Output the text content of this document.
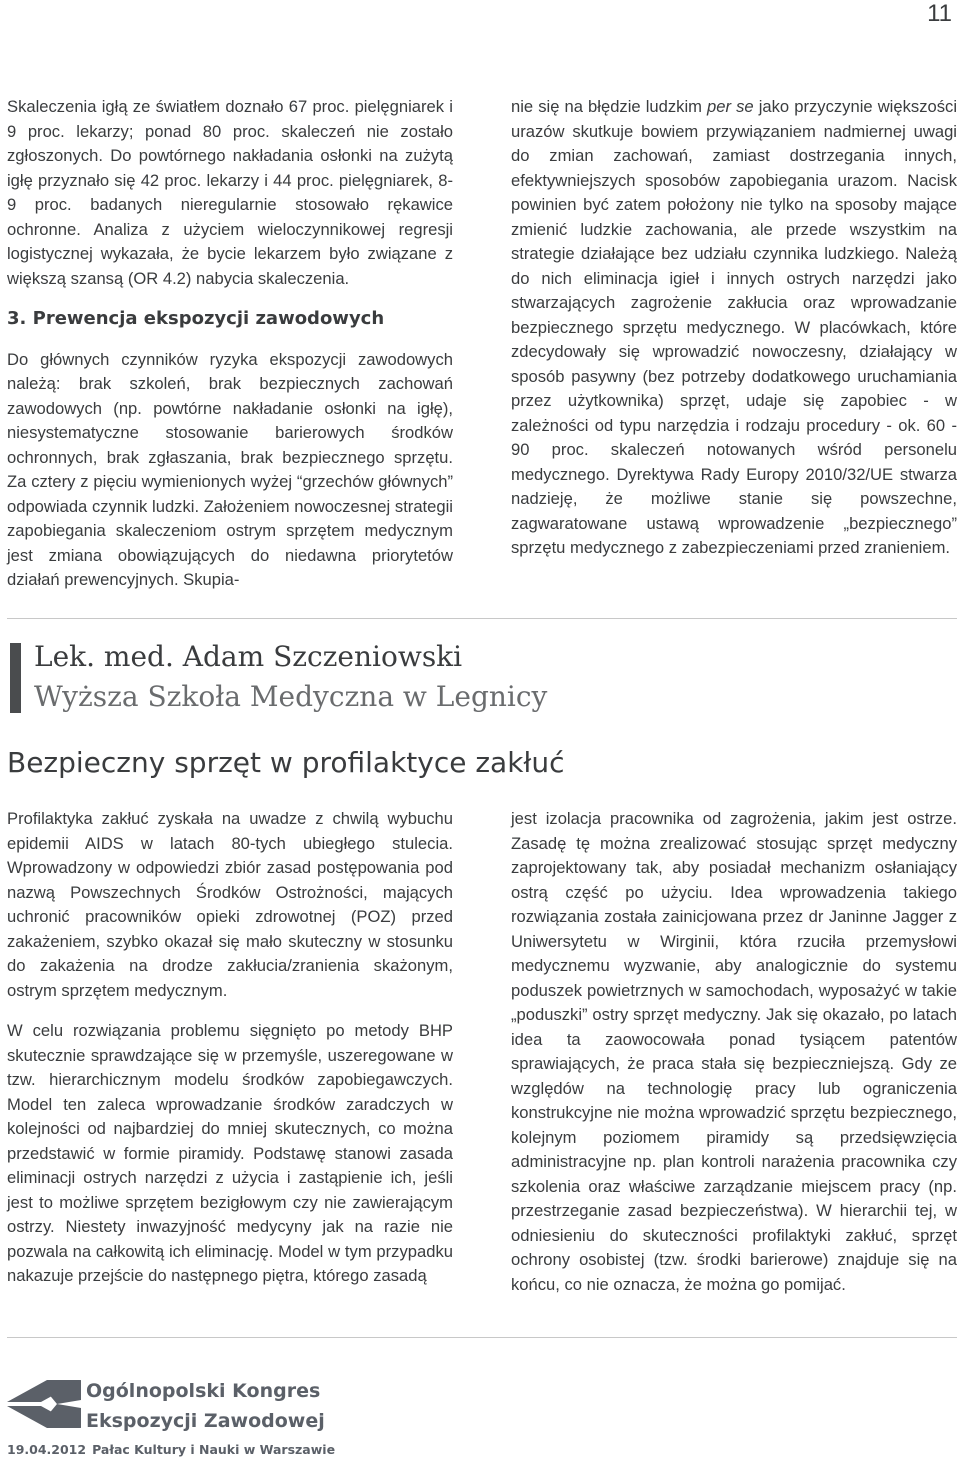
11

Skaleczenia igłą ze światłem doznało 67 proc. pielęgniarek i 9 proc. lekarzy; ponad 80 proc. skaleczeń nie zostało zgłoszonych. Do powtórnego nakładania osłonki na zużytą igłę przyznało się 42 proc. lekarzy i 44 proc. pielęgniarek, 8-9 proc. badanych nieregularnie stosowało rękawice ochronne. Analiza z użyciem wieloczynnikowej regresji logistycznej wykazała, że bycie lekarzem było związane z większą szansą (OR 4.2) nabycia skaleczenia.

3. Prewencja ekspozycji zawodowych

Do głównych czynników ryzyka ekspozycji zawodowych należą: brak szkoleń, brak bezpiecznych zachowań zawodowych (np. powtórne nakładanie osłonki na igłę), niesystematyczne stosowanie barierowych środków ochronnych, brak zgłaszania, brak bezpiecznego sprzętu. Za cztery z pięciu wymienionych wyżej “grzechów głównych” odpowiada czynnik ludzki. Założeniem nowoczesnej strategii zapobiegania skaleczeniom ostrym sprzętem medycznym jest zmiana obowiązujących do niedawna priorytetów działań prewencyjnych. Skupia-

nie się na błędzie ludzkim per se jako przyczynie większości urazów skutkuje bowiem przywiązaniem nadmiernej uwagi do zmian zachowań, zamiast dostrzegania innych, efektywniejszych sposobów zapobiegania urazom. Nacisk powinien być zatem położony nie tylko na sposoby mające zmienić ludzkie zachowania, ale przede wszystkim na strategie działające bez udziału czynnika ludzkiego. Należą do nich eliminacja igieł i innych ostrych narzędzi jako stwarzających zagrożenie zakłucia oraz wprowadzanie bezpiecznego sprzętu medycznego. W placówkach, które zdecydowały się wprowadzić nowoczesny, działający w sposób pasywny (bez potrzeby dodatkowego uruchamiania przez użytkownika) sprzęt, udaje się zapobiec - w zależności od typu narzędzia i rodzaju procedury - ok. 60 - 90 proc. skaleczeń notowanych wśród personelu medycznego. Dyrektywa Rady Europy 2010/32/UE stwarza nadzieję, że możliwe stanie się powszechne, zagwaratowane ustawą wprowadzenie „bezpiecznego” sprzętu medycznego z zabezpieczeniami przed zranieniem.

Lek. med. Adam Szczeniowski
Wyższa Szkoła Medyczna w Legnicy
Bezpieczny sprzęt w profilaktyce zakłuć

Profilaktyka zakłuć zyskała na uwadze z chwilą wybuchu epidemii AIDS w latach 80-tych ubiegłego stulecia. Wprowadzony w odpowiedzi zbiór zasad postępowania pod nazwą Powszechnych Środków Ostrożności, mających uchronić pracowników opieki zdrowotnej (POZ) przed zakażeniem, szybko okazał się mało skuteczny w stosunku do zakażenia na drodze zakłucia/zranienia skażonym, ostrym sprzętem medycznym.

W celu rozwiązania problemu sięgnięto po metody BHP skutecznie sprawdzające się w przemyśle, uszeregowane w tzw. hierarchicznym modelu środków zapobiegawczych. Model ten zaleca wprowadzanie środków zaradczych w kolejności od najbardziej do mniej skutecznych, co można przedstawić w formie piramidy. Podstawę stanowi zasada eliminacji ostrych narzędzi z użycia i zastąpienie ich, jeśli jest to możliwe sprzętem bezigłowym czy nie zawierającym ostrzy. Niestety inwazyjność medycyny jak na razie nie pozwala na całkowitą ich eliminację. Model w tym przypadku nakazuje przejście do następnego piętra, którego zasadą

jest izolacja pracownika od zagrożenia, jakim jest ostrze. Zasadę tę można zrealizować stosując sprzęt medyczny zaprojektowany tak, aby posiadał mechanizm osłaniający ostrą część po użyciu. Idea wprowadzenia takiego rozwiązania została zainicjowana przez dr Janinne Jagger z Uniwersytetu w Wirginii, która rzuciła przemysłowi medycznemu wyzwanie, aby analogicznie do systemu poduszek powietrznych w samochodach, wyposażyć w takie „poduszki” ostry sprzęt medyczny. Jak się okazało, po latach idea ta zaowocowała ponad tysiącem patentów sprawiających, że praca stała się bezpieczniejszą. Gdy ze względów na technologię pracy lub ograniczenia konstrukcyjne nie można wprowadzić sprzętu bezpiecznego, kolejnym poziomem piramidy są przedsięwzięcia administracyjne np. plan kontroli narażenia pracownika czy szkolenia oraz właściwe zarządzanie miejscem pracy (np. przestrzeganie zasad bezpieczeństwa). W hierarchii tej, w odniesieniu do skuteczności profilaktyki zakłuć, sprzęt ochrony osobistej (tzw. środki barierowe) znajduje się na końcu, co nie oznacza, że można go pomijać.

Ogólnopolski Kongres
Ekspozycji Zawodowej
19.04.2012 Pałac Kultury i Nauki w Warszawie
